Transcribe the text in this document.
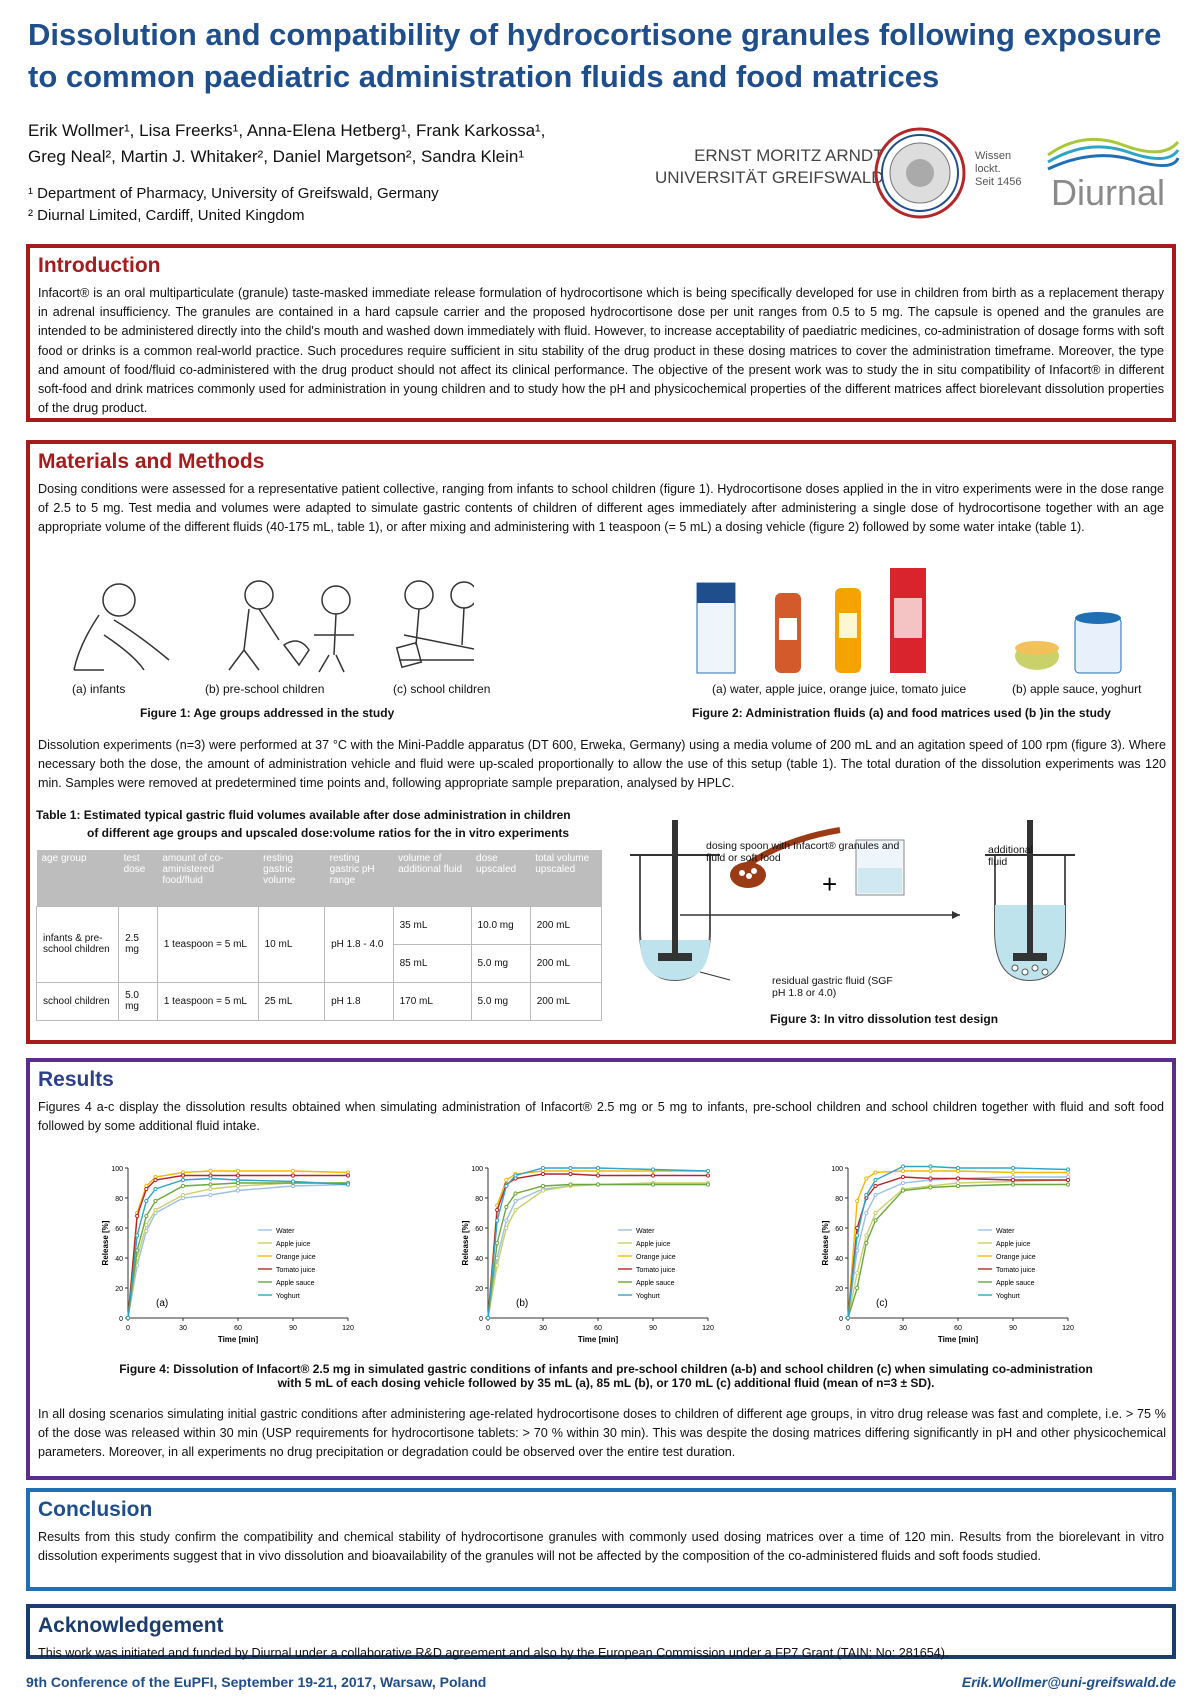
Dissolution and compatibility of hydrocortisone granules following exposure to common paediatric administration fluids and food matrices
Erik Wollmer¹, Lisa Freerks¹, Anna-Elena Hetberg¹, Frank Karkossa¹,
Greg Neal², Martin J. Whitaker², Daniel Margetson², Sandra Klein¹
¹ Department of Pharmacy, University of Greifswald, Germany
² Diurnal Limited, Cardiff, United Kingdom
ERNST MORITZ ARNDT
UNIVERSITÄT GREIFSWALD
Wissen
lockt.
Seit 1456 Diurnal
Introduction

Infacort® is an oral multiparticulate (granule) taste-masked immediate release formulation of hydrocortisone which is being specifically developed for use in children from birth as a replacement therapy in adrenal insufficiency. The granules are contained in a hard capsule carrier and the proposed hydrocortisone dose per unit ranges from 0.5 to 5 mg. The capsule is opened and the granules are intended to be administered directly into the child's mouth and washed down immediately with fluid. However, to increase acceptability of paediatric medicines, co-administration of dosage forms with soft food or drinks is a common real-world practice. Such procedures require sufficient in situ stability of the drug product in these dosing matrices to cover the administration timeframe. Moreover, the type and amount of food/fluid co-administered with the drug product should not affect its clinical performance. The objective of the present work was to study the in situ compatibility of Infacort® in different soft-food and drink matrices commonly used for administration in young children and to study how the pH and physicochemical properties of the different matrices affect biorelevant dissolution properties of the drug product.

Materials and Methods

Dosing conditions were assessed for a representative patient collective, ranging from infants to school children (figure 1). Hydrocortisone doses applied in the in vitro experiments were in the dose range of 2.5 to 5 mg. Test media and volumes were adapted to simulate gastric contents of children of different ages immediately after administering a single dose of hydrocortisone together with an age appropriate volume of the different fluids (40-175 mL, table 1), or after mixing and administering with 1 teaspoon (= 5 mL) a dosing vehicle (figure 2) followed by some water intake (table 1).

(a) infants	(b) pre-school children	(c) school children
Figure 1: Age groups addressed in the study
(a) water, apple juice, orange juice, tomato juice	(b) apple sauce, yoghurt
Figure 2: Administration fluids (a) and food matrices used (b )in the study
Dissolution experiments (n=3) were performed at 37 °C with the Mini-Paddle apparatus (DT 600, Erweka, Germany) using a media volume of 200 mL and an agitation speed of 100 rpm (figure 3). Where necessary both the dose, the amount of administration vehicle and fluid were up-scaled proportionally to allow the use of this setup (table 1). The total duration of the dissolution experiments was 120 min. Samples were removed at predetermined time points and, following appropriate sample preparation, analysed by HPLC.
Table 1: Estimated typical gastric fluid volumes available after dose administration in children
of different age groups and upscaled dose:volume ratios for the in vitro experiments
age group	test dose	amount of co-aministered food/fluid	resting gastric volume	resting gastric pH range	volume of additional fluid	dose upscaled	total volume upscaled
infants & pre-school children	2.5 mg	1 teaspoon = 5 mL	10 mL	pH 1.8 - 4.0	35 mL	10.0 mg	200 mL
					85 mL	5.0 mg	200 mL
school children	5.0 mg	1 teaspoon = 5 mL	25 mL	pH 1.8	170 mL	5.0 mg	200 mL
+
dosing spoon with Infacort® granules and fluid or soft food
additional fluid
residual gastric fluid (SGF pH 1.8 or 4.0)
Figure 3: In vitro dissolution test design
Results

Figures 4 a-c display the dissolution results obtained when simulating administration of Infacort® 2.5 mg or 5 mg to infants, pre-school children and school children together with fluid and soft food followed by some additional fluid intake.

0
20
40
60
80
100
0	30	60	90	120
Time [min]
Release [%]
(a)
Water
Apple juice
Orange juice
Tomato juice
Apple sauce
Yoghurt
0
20
40
60
80
100
0	30	60	90	120
Time [min]
Release [%]
(b)
Water
Apple juice
Orange juice
Tomato juice
Apple sauce
Yoghurt
0
20
40
60
80
100
0	30	60	90	120
Time [min]
Release [%]
(c)
Water
Apple juice
Orange juice
Tomato juice
Apple sauce
Yoghurt
Figure 4: Dissolution of Infacort® 2.5 mg in simulated gastric conditions of infants and pre-school children (a-b) and school children (c) when simulating co-administration
with 5 mL of each dosing vehicle followed by 35 mL (a), 85 mL (b), or 170 mL (c) additional fluid (mean of n=3 ± SD).
In all dosing scenarios simulating initial gastric conditions after administering age-related hydrocortisone doses to children of different age groups, in vitro drug release was fast and complete, i.e. > 75 % of the dose was released within 30 min (USP requirements for hydrocortisone tablets: > 70 % within 30 min). This was despite the dosing matrices differing significantly in pH and other physicochemical parameters. Moreover, in all experiments no drug precipitation or degradation could be observed over the entire test duration.
Conclusion

Results from this study confirm the compatibility and chemical stability of hydrocortisone granules with commonly used dosing matrices over a time of 120 min. Results from the biorelevant in vitro dissolution experiments suggest that in vivo dissolution and bioavailability of the granules will not be affected by the composition of the co-administered fluids and soft foods studied.

Acknowledgement

This work was initiated and funded by Diurnal under a collaborative R&D agreement and also by the European Commission under a FP7 Grant (TAIN; No: 281654).

9th Conference of the EuPFI, September 19-21, 2017, Warsaw, Poland	Erik.Wollmer@uni-greifswald.de
